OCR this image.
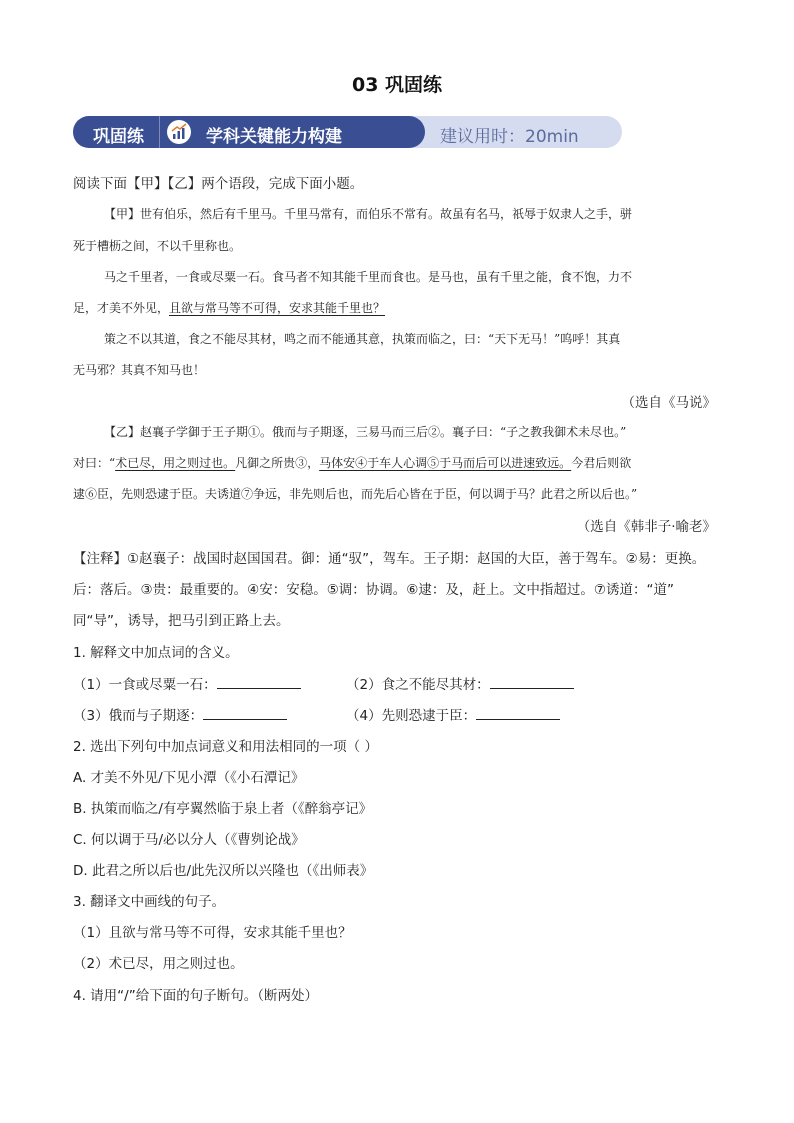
03 巩固练
巩固练	学科关键能力构建	建议用时：20min
阅读下面【甲】【乙】两个语段，完成下面小题。
【甲】世有伯乐，然后有千里马。千里马常有，而伯乐不常有。故虽有名马，祇辱于奴隶人之手，骈
死于槽枥之间，不以千里称也。
马之千里者，一食或尽粟一石。食马者不知其能千里而食也。是马也，虽有千里之能，食不饱，力不
足，才美不外见，且欲与常马等不可得，安求其能千里也？
策之不以其道，食之不能尽其材，鸣之而不能通其意，执策而临之，曰：“天下无马！”呜呼！其真
无马邪？其真不知马也！
（选自《马说》
【乙】赵襄子学御于王子期①。俄而与子期逐，三易马而三后②。襄子曰：“子之教我御术未尽也。”
对曰：“术已尽，用之则过也。凡御之所贵③，马体安④于车人心调⑤于马而后可以进速致远。今君后则欲
逮⑥臣，先则恐逮于臣。夫诱道⑦争远，非先则后也，而先后心皆在于臣，何以调于马？此君之所以后也。”
（选自《韩非子·喻老》
【注释】①赵襄子：战国时赵国国君。御：通“驭”，驾车。王子期：赵国的大臣，善于驾车。②易：更换。
后：落后。③贵：最重要的。④安：安稳。⑤调：协调。⑥逮：及，赶上。文中指超过。⑦诱道：“道”
同“导”，诱导，把马引到正路上去。
1. 解释文中加点词的含义。
（1）一食或尽粟一石：	（2）食之不能尽其材：
（3）俄而与子期逐：	（4）先则恐逮于臣：
2. 选出下列句中加点词意义和用法相同的一项（ ）
A. 才美不外见/下见小潭（《小石潭记》
B. 执策而临之/有亭翼然临于泉上者（《醉翁亭记》
C. 何以调于马/必以分人（《曹刿论战》
D. 此君之所以后也/此先汉所以兴隆也（《出师表》
3. 翻译文中画线的句子。
（1）且欲与常马等不可得，安求其能千里也？
（2）术已尽，用之则过也。
4. 请用“/”给下面的句子断句。（断两处）
